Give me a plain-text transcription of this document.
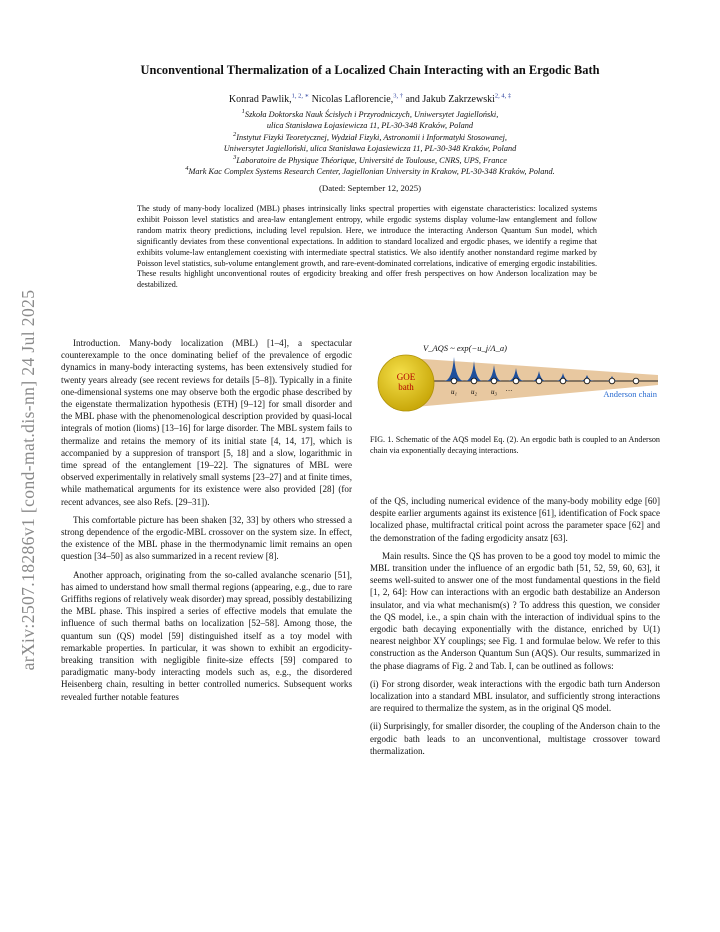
arXiv:2507.18286v1 [cond-mat.dis-nn] 24 Jul 2025
Unconventional Thermalization of a Localized Chain Interacting with an Ergodic Bath
Konrad Pawlik,$^{1, 2, ∗}$ Nicolas Laflorencie,$^{3, \dagger}$ and Jakub Zakrzewski$^{2, 4, \ddagger}$
$^1$Szkoła Doktorska Nauk Ścisłych i Przyrodniczych, Uniwersytet Jagielloński,
ulica Stanisława Łojasiewicza 11, PL-30-348 Kraków, Poland
$^2$Instytut Fizyki Teoretycznej, Wydział Fizyki, Astronomii i Informatyki Stosowanej,
Uniwersytet Jagielloński, ulica Stanisława Łojasiewicza 11, PL-30-348 Kraków, Poland
$^3$Laboratoire de Physique Théorique, Université de Toulouse, CNRS, UPS, France
$^4$Mark Kac Complex Systems Research Center, Jagiellonian University in Krakow, PL-30-348 Kraków, Poland.
(Dated: September 12, 2025)
The study of many-body localized (MBL) phases intrinsically links spectral properties with eigenstate characteristics: localized systems exhibit Poisson level statistics and area-law entanglement entropy, while ergodic systems display volume-law entanglement and follow random matrix theory predictions, including level repulsion. Here, we introduce the interacting Anderson Quantum Sun model, which significantly deviates from these conventional expectations. In addition to standard localized and ergodic phases, we identify a regime that exhibits volume-law entanglement coexisting with intermediate spectral statistics. We also identify another nonstandard regime marked by Poisson level statistics, sub-volume entanglement growth, and rare-event-dominated correlations, indicative of emerging ergodic instabilities. These results highlight unconventional routes of ergodicity breaking and offer fresh perspectives on how Anderson localization may be destabilized.

Introduction. Many-body localization (MBL) [1–4], a spectacular counterexample to the once dominating belief of the prevalence of ergodic dynamics in many-body interacting systems, has been extensively studied for twenty years already (see recent reviews for details [5–8]). Typically in a finite one-dimensional systems one may observe both the ergodic phase described by the eigenstate thermalization hypothesis (ETH) [9–12] for small disorder and the MBL phase with the phenomenological description provided by quasi-local integrals of motion (lioms) [13–16] for large disorder. The MBL system fails to thermalize and retains the memory of its initial state [4, 14, 17], which is accompanied by a suppresion of transport [5, 18] and a slow, logarithmic in time spread of the entanglement [19–22]. The signatures of MBL were observed experimentally in relatively small systems [23–27] and at finite times, while mathematical arguments for its existence were also provided [28] (for recent advances, see also Refs. [29–31]).

This comfortable picture has been shaken [32, 33] by others who stressed a strong dependence of the ergodic-MBL crossover on the system size. In effect, the existence of the MBL phase in the thermodynamic limit remains an open question [34–50] as also summarized in a recent review [8].

Another approach, originating from the so-called avalanche scenario [51], has aimed to understand how small thermal regions (appearing, e.g., due to rare Griffiths regions of relatively weak disorder) may spread, possibly destabilizing the MBL phase. This inspired a series of effective models that emulate the influence of such thermal baths on localization [52–58]. Among those, the quantum sun (QS) model [59] distinguished itself as a toy model with remarkable properties. In particular, it was shown to exhibit an ergodicity-breaking transition with negligible finite-size effects [59] compared to paradigmatic many-body interacting models such as, e.g., the disordered Heisenberg chain, resulting in better controlled numerics. Subsequent works revealed further notable features

GOE
bath
V_AQS ~ exp(−u_j/Λ_a)
u₁ u₂ u₃ ···	Anderson chain
FIG. 1. Schematic of the AQS model Eq. (2). An ergodic bath is coupled to an Anderson chain via exponentially decaying interactions.

of the QS, including numerical evidence of the many-body mobility edge [60] despite earlier arguments against its existence [61], identification of Fock space localized phase, multifractal critical point across the parameter space [62] and the demonstration of the fading ergodicity ansatz [63].

Main results. Since the QS has proven to be a good toy model to mimic the MBL transition under the influence of an ergodic bath [51, 52, 59, 60, 63], it seems well-suited to answer one of the most fundamental questions in the field [1, 2, 64]: How can interactions with an ergodic bath destabilize an Anderson insulator, and via what mechanism(s) ? To address this question, we consider the QS model, i.e., a spin chain with the interaction of individual spins to the ergodic bath decaying exponentially with the distance, enriched by U(1) nearest neighbor XY couplings; see Fig. 1 and formulae below. We refer to this construction as the Anderson Quantum Sun (AQS). Our results, summarized in the phase diagrams of Fig. 2 and Tab. I, can be outlined as follows:

(i) For strong disorder, weak interactions with the ergodic bath turn Anderson localization into a standard MBL insulator, and sufficiently strong interactions are required to thermalize the system, as in the original QS model.

(ii) Surprisingly, for smaller disorder, the coupling of the Anderson chain to the ergodic bath leads to an unconventional, multistage crossover toward thermalization.
